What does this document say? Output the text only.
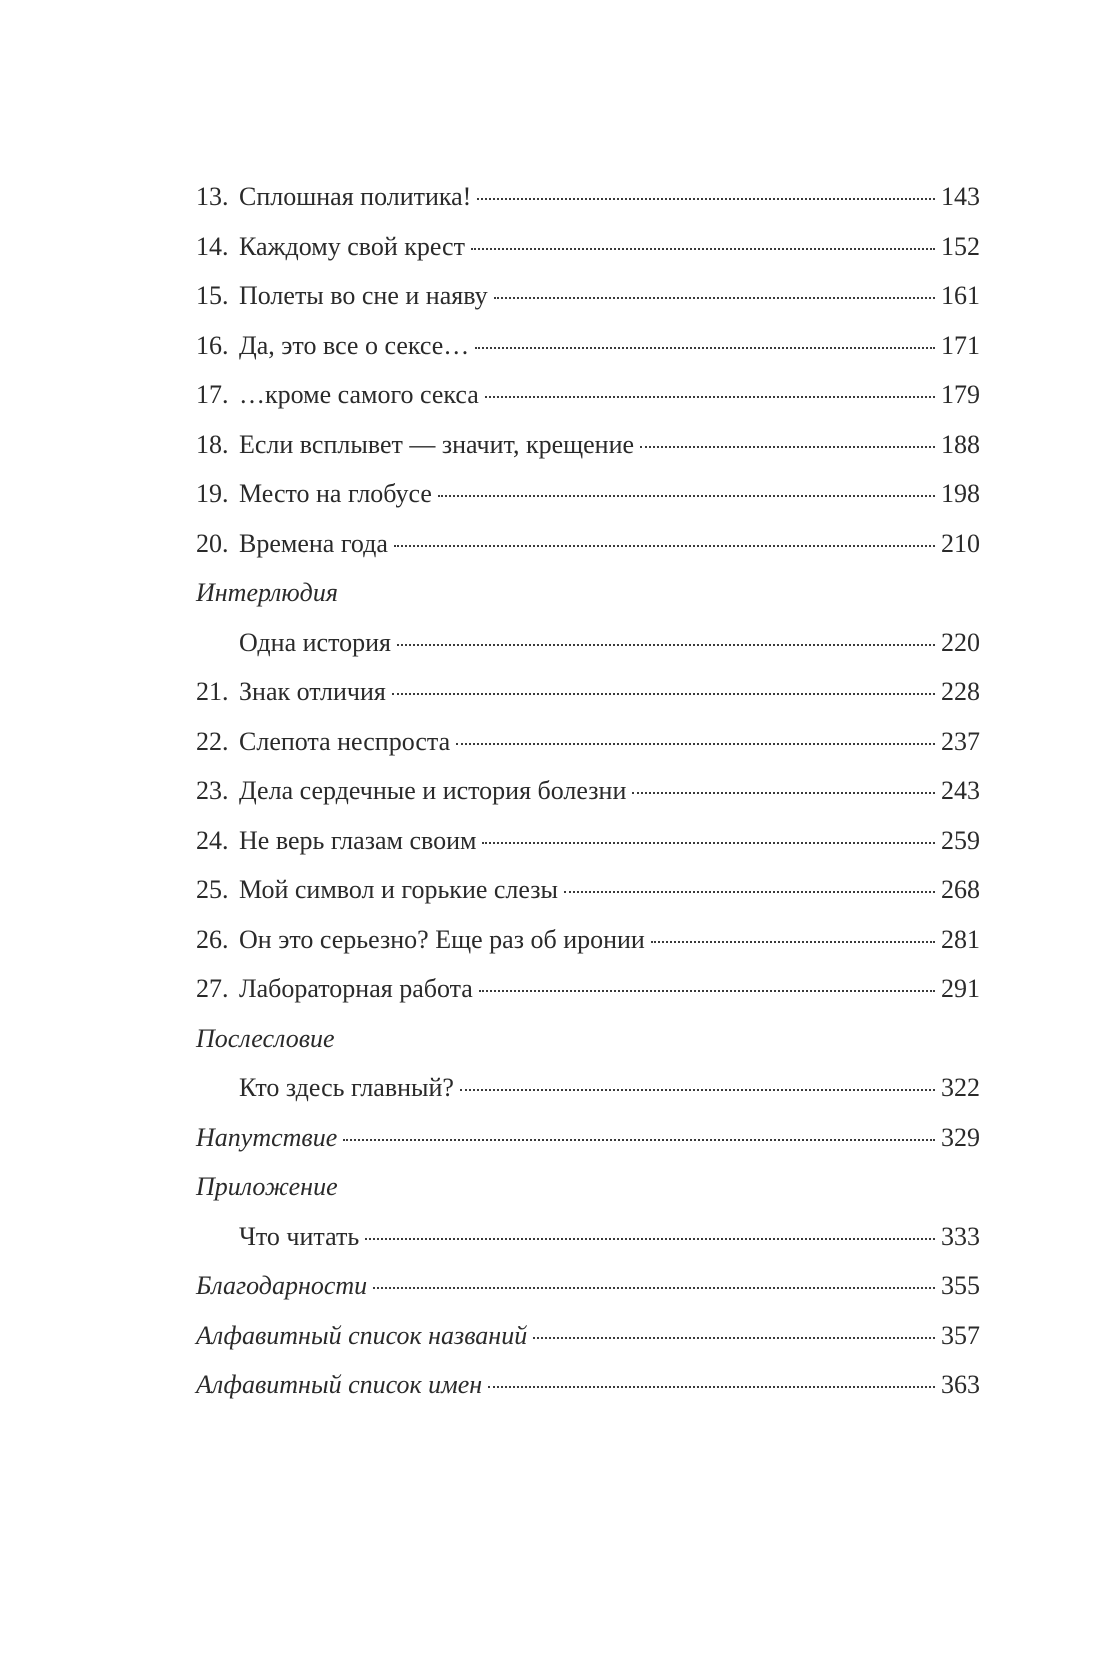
13. Сплошная политика!	143
14. Каждому свой крест	152
15. Полеты во сне и наяву	161
16. Да, это все о сексе…	171
17. …кроме самого секса	179
18. Если всплывет — значит, крещение	188
19. Место на глобусе	198
20. Времена года	210
Интерлюдия
Одна история	220
21. Знак отличия	228
22. Слепота неспроста	237
23. Дела сердечные и история болезни	243
24. Не верь глазам своим	259
25. Мой символ и горькие слезы	268
26. Он это серьезно? Еще раз об иронии	281
27. Лабораторная работа	291
Послесловие
Кто здесь главный?	322
Напутствие	329
Приложение
Что читать	333
Благодарности	355
Алфавитный список названий	357
Алфавитный список имен	363
